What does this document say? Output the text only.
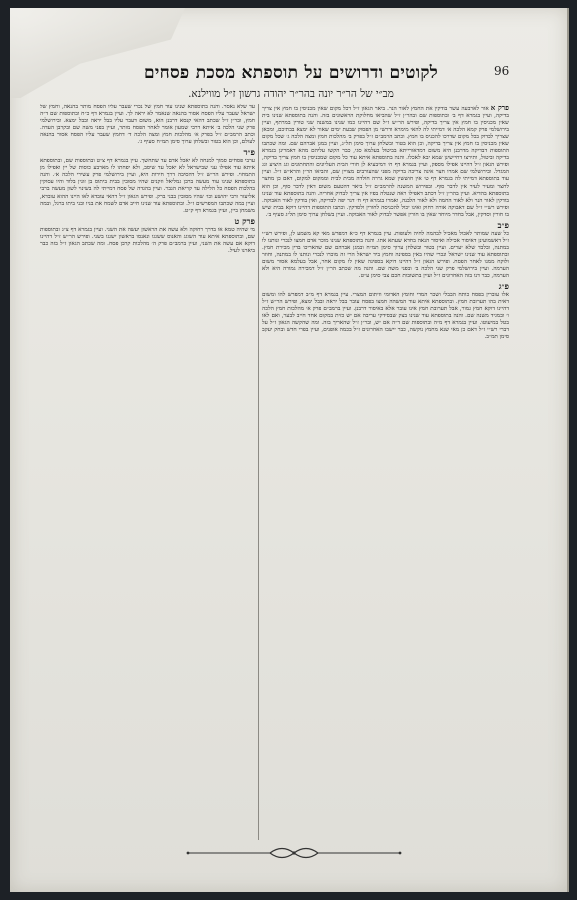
96
לקוטים ודרושים על תוספתא מסכת פסחים
מב״י של הר״ר יונה בהר״ר יהודה גרשון ז״ל מווילנא.
פרק א אור לארבעה עשר בודקין את החמץ לאור הנר. ביאר הגאון ז״ל דכל מקום שאין מכניסין בו חמץ אין צריך בדיקה, ועיין בגמרא דף ב׳ ובתוספות שם ובהר״ן ז״ל שהביאו מחלוקת הראשונים בזה. והנה בתוספתא שנינו בית שאין מכניסין בו חמץ אין צריך בדיקה, ופירש הר״ש ז״ל שם דהיינו כמו שנינו במשנה שני טורין במרתף, ועיין בירושלמי פרק קמא הלכה א׳ דמייתי לה להאי מימרא ודרשי מן הפסוק שבעת ימים שאור לא ימצא בבתיכם, ומכאן שצריך לבדוק בכל מקום שדרכו להכניס בו חמץ. וכתב הרמב״ם ז״ל בפרק ב׳ מהלכות חמץ ומצה הלכה ג׳ שכל מקום שאין מכניסין בו חמץ אין צריך בדיקה, וכן הוא בטור ובשלחן ערוך סימן תל״ג, ועיין במגן אברהם שם. ומה שכתבו התוספות דבדיקה מדרבנן היא משום דמדאורייתא בביטול בעלמא סגי, כבר הקשו עליהם מהא דאמרינן בגמרא בדיקה וביטול, ותירצו דחיישינן שמא יבא לאכלו. והנה בתוספתא איתא עוד כל מקום שמכניסין בו חמץ צריך בדיקה, ופירש הגאון ז״ל דהיינו אפילו מספק, ועיין בגמרא דף ח׳ דמיבעיא לן חורי הבית העליונים והתחתונים וגג היציע וגג המגדל. ובירושלמי שם אמרו חצר אינה צריכה בדיקה מפני שהעורבים מצויין שם, והביאו הר״ן והרא״ש ז״ל. ועיין עוד בתוספתא דמייתי לה בגמרא דף ט׳ אין חוששין שמא גררה חולדה מבית לבית וממקום למקום, דאם כן מחצר לחצר ומעיר לעיר אין לדבר סוף. ובפירוש המשנה להרמב״ם ז״ל ביאר דהטעם משום דאין לדבר סוף, וכן הוא בתוספתא בהדיא. ועיין בהר״ן ז״ל דכתב דאפילו ראה שנטלה בפיו אין צריך לבדוק אחריה. והנה בתוספתא עוד שנינו בודקין לאור הנר ולא לאור החמה ולא לאור הלבנה, ואמרו בגמרא דף ח׳ דנר יפה לבדיקה, ואין בודקין לאור האבוקה. ופירש רש״י ז״ל שם דאבוקה אורה רחוק ואינו יכול להכניסה לחורין ולסדקין. וכתבו התוספות דהיינו דוקא בבית שיש בו חורין וסדקין, אבל בחדר מיוחד שאין בו חורין אפשר לבדוק לאור האבוקה. ועיין בשלחן ערוך סימן תל״ג סעיף ב׳.
פ״ב
כל שעה שמותר לאכול מאכיל לבהמה לחיה ולעופות. עיין בגמרא דף כ״א דמפרש מאי קא משמע לן, ופירש רש״י ז״ל דאשמועינן דאיסור אכילה ואיסור הנאה בחדא שעתא אתו. והנה בתוספתא שנינו מוכר אדם חמצו לנכרי ונותנו לו במתנה, ובלבד שלא יערים. ועיין בטור ובשלחן ערוך סימן תמ״ח ובמגן אברהם שם שהאריכו בדין מכירת חמץ. ובתוספתא עוד שנינו ישראל ונכרי שהיו באין בספינה וחמץ ביד ישראל הרי זה מוכרו לנכרי ונותנו לו במתנה, וחוזר ולוקח ממנו לאחר הפסח. ופירש הגאון ז״ל דהיינו דוקא בספינה שאין לו מקום אחר, אבל בעלמא אסור משום הערמה. ועיין בירושלמי פרק שני הלכה ב׳ ובפני משה שם. והנה מה שכתב הר״ן ז״ל דמכירה גמורה היא ולא הערמה, כבר דנו בזה האחרונים ז״ל ועיין בתשובות חכם צבי סימן ע״ט.
פ״ג
אלו עוברין בפסח כותח הבבלי ושכר המדי וחומץ האדומי וזיתום המצרי. עיין בגמרא דף מ״ב דמפרש להו ומשום דאית בהו תערובת חמץ. ובתוספתא איתא עוד המשהה חמצו בפסח עובר בבל יראה ובבל ימצא, ופירש הר״ש ז״ל דהיינו דוקא חמץ גמור, אבל תערובת חמץ אינו עובר אלא באיסור דרבנן. ועיין ברמב״ם פרק א׳ מהלכות חמץ הלכה ו׳ ובמגיד משנה שם. והנה בתוספתא עוד שנינו בצק שבסידקי עריבה אם יש כזית במקום אחד חייב לבער, ואם לאו בטל במיעוטו. ועיין בגמרא דף מ״ה ובתוספות שם ד״ה אם יש, ובר״ן ז״ל שהאריך בזה. ומה שהקשה הגאון ז״ל על דברי רש״י ז״ל דאם כן מאי שנא מחמץ נוקשה, כבר יישבו האחרונים ז״ל בכמה אופנים, ועיין בפרי חדש ובחק יעקב סימן תמ״ב.
עד שלא נאסר. והנה בתוספתא שנינו עוד חמץ של נכרי שעבר עליו הפסח מותר בהנאה, וחמץ של ישראל שעבר עליו הפסח אסור בהנאה שנאמר לא יראה לך. ועיין בגמרא דף כ״ח ובתוספות שם ד״ה חמץ, ובר״ן ז״ל שכתב דהאי קנסא דרבנן הוא, משום דעבר עליו בבל יראה ובבל ימצא. ובירושלמי פרק שני הלכה ב׳ איתא דרבי שמעון אומר לאחר הפסח מותר, ועיין בפני משה שם ובקרבן העדה. וכתב הרמב״ם ז״ל בפרק א׳ מהלכות חמץ ומצה הלכה ד׳ דחמץ שעבר עליו הפסח אסור בהנאה לעולם, וכן הוא בטור ובשלחן ערוך סימן תמ״ח סעיף ג׳.
פ״ד
ערבי פסחים סמוך למנחה לא יאכל אדם עד שתחשך. עיין בגמרא דף צ״ט ובתוספות שם, ובתוספתא איתא עוד אפילו עני שבישראל לא יאכל עד שיסב, ולא יפחתו לו מארבע כוסות של יין ואפילו מן התמחוי. ופירש הר״ש ז״ל דהסיבה דרך חירות היא, ועיין בירושלמי פרק עשירי הלכה א׳. והנה בתוספתא שנינו עוד מעשה ברבן גמליאל וזקנים שהיו מסובין בבית ביתוס בן זונין בלוד והיו עסוקין בהלכות הפסח כל הלילה עד קריאת הגבר. ועיין בהגדה של פסח דמייתי לה בשינוי לשון מעשה ברבי אליעזר ורבי יהושע וכו׳ שהיו מסובין בבני ברק. ופירש הגאון ז״ל דהאי עובדא לאו היינו ההוא עובדא, ועיין במה שכתבו המפרשים ז״ל. ובתוספתא עוד שנינו חייב אדם לשמח את בניו ובני ביתו ברגל, ובמה משמחן ביין, ועיין בגמרא דף ק״ט.
פרק ט
מי שהיה טמא או בדרך רחוקה ולא עשה את הראשון יעשה את השני. ועיין בגמרא דף צ״ג ובתוספות שם, ובתוספתא איתא עוד השוגג והאנוס ששגגו ונאנסו בראשון ישגגו בשני. ופירש הר״ש ז״ל דהיינו דוקא אם עשה את השני, ועיין ברמב״ם פרק ה׳ מהלכות קרבן פסח. ומה שכתב הגאון ז״ל בזה כבר ביארנו לעיל.
